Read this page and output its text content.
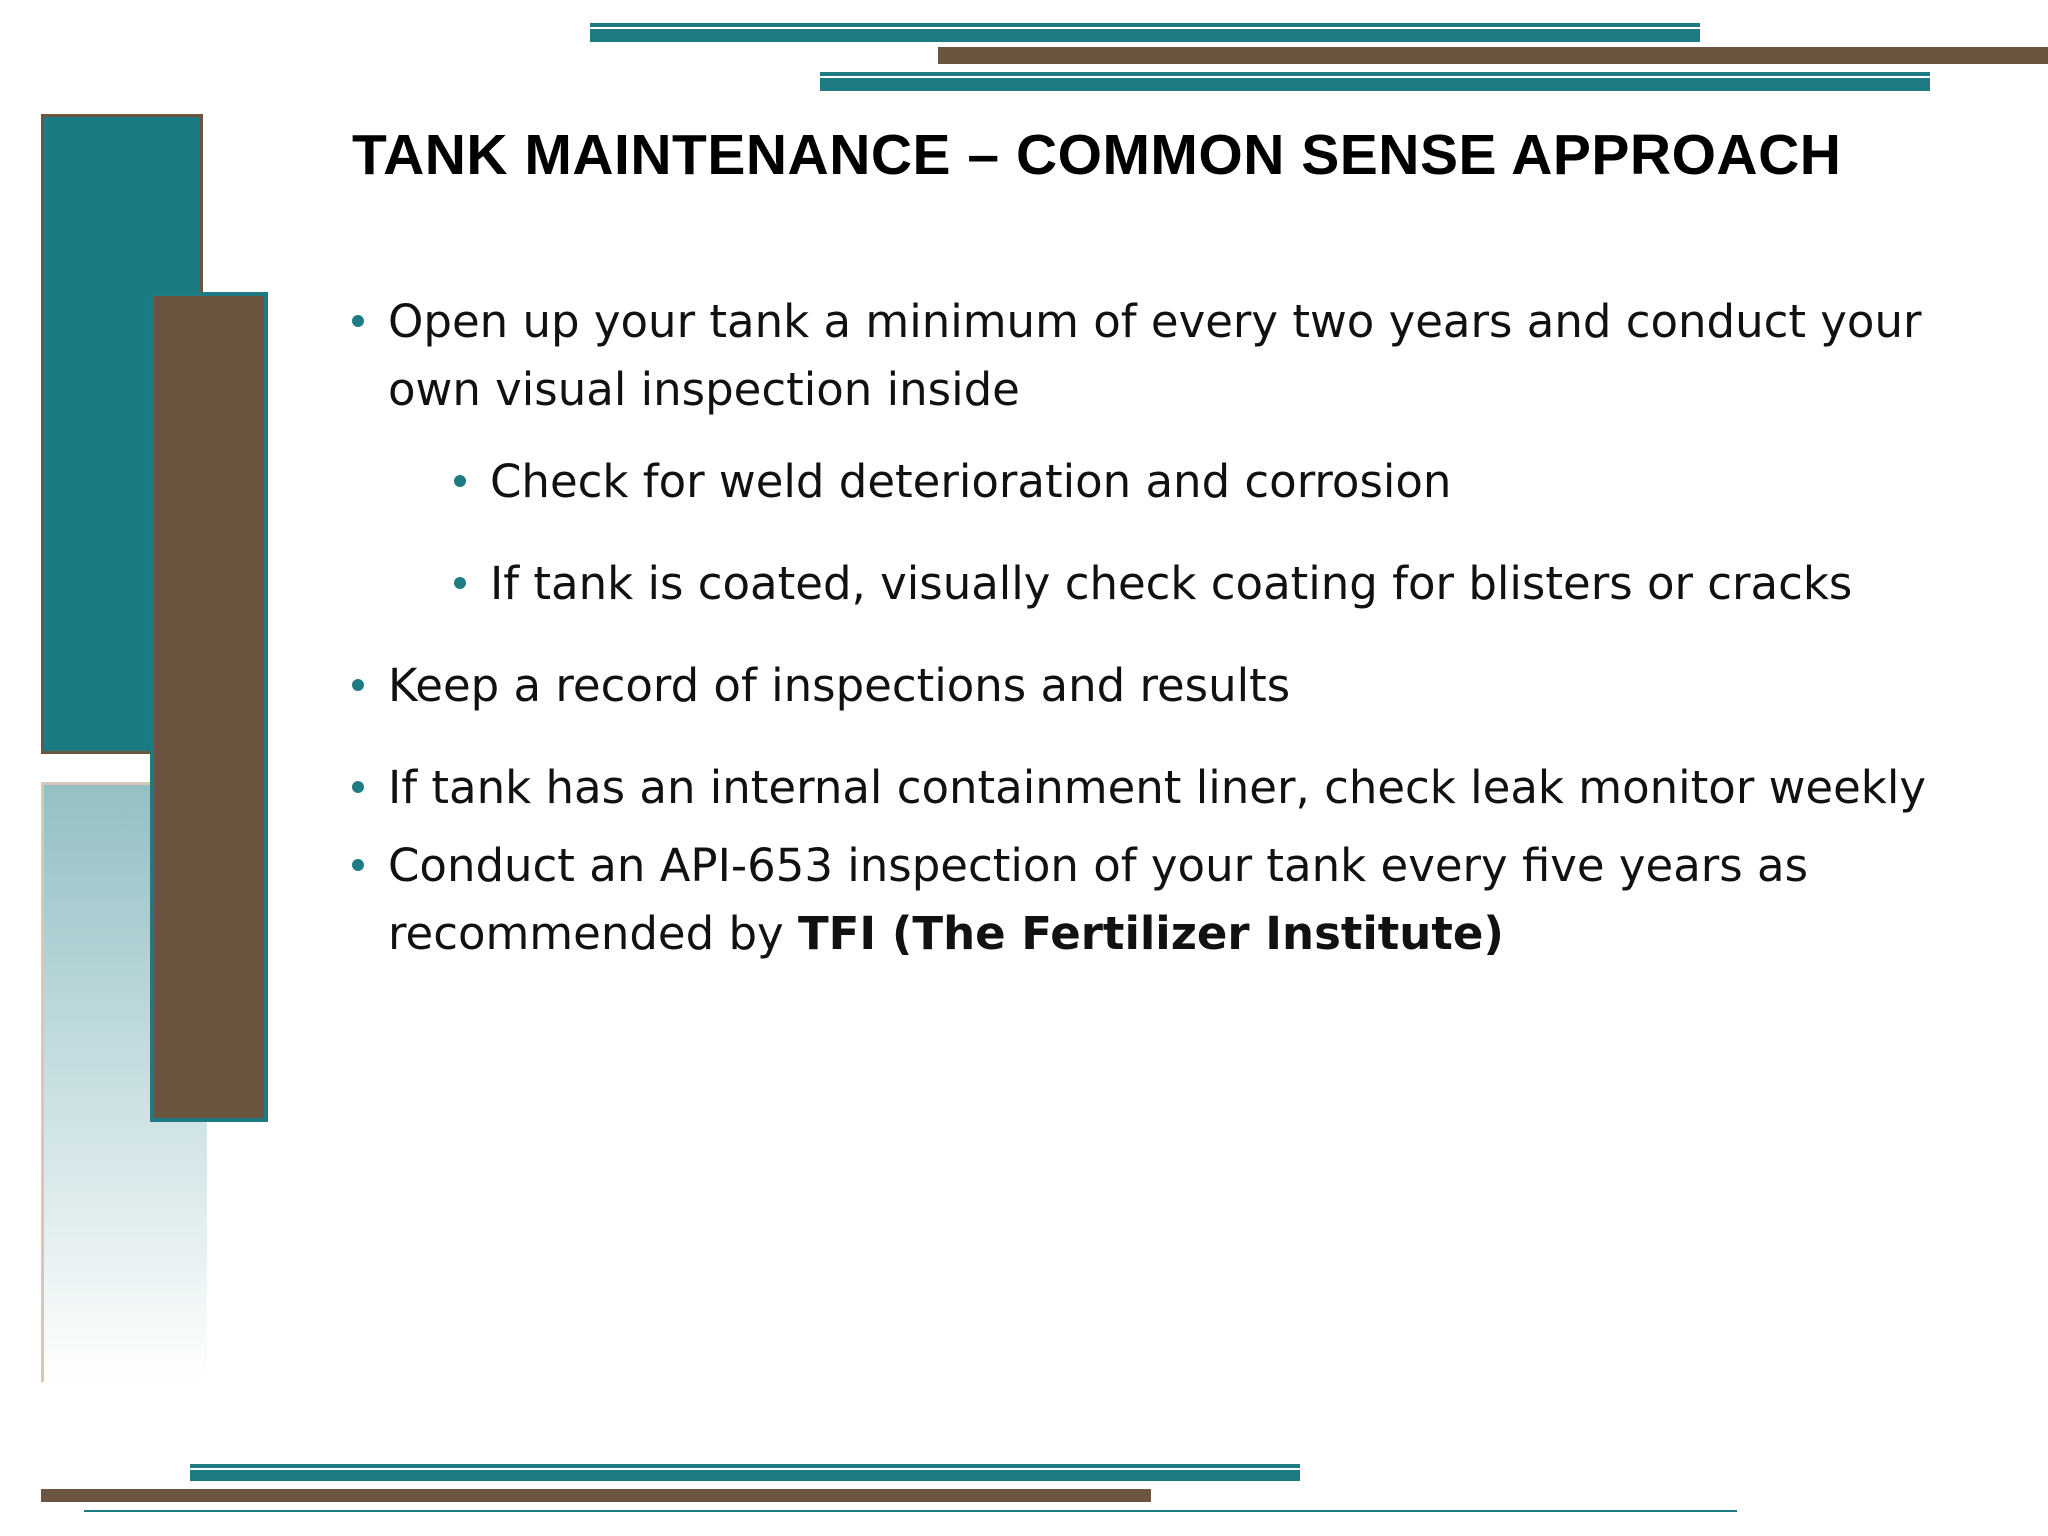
TANK MAINTENANCE – COMMON SENSE APPROACH

Open up your tank a minimum of every two years and conduct your own visual inspection inside

Check for weld deterioration and corrosion

If tank is coated, visually check coating for blisters or cracks

Keep a record of inspections and results

If tank has an internal containment liner, check leak monitor weekly

Conduct an API-653 inspection of your tank every five years as recommended by TFI (The Fertilizer Institute)
